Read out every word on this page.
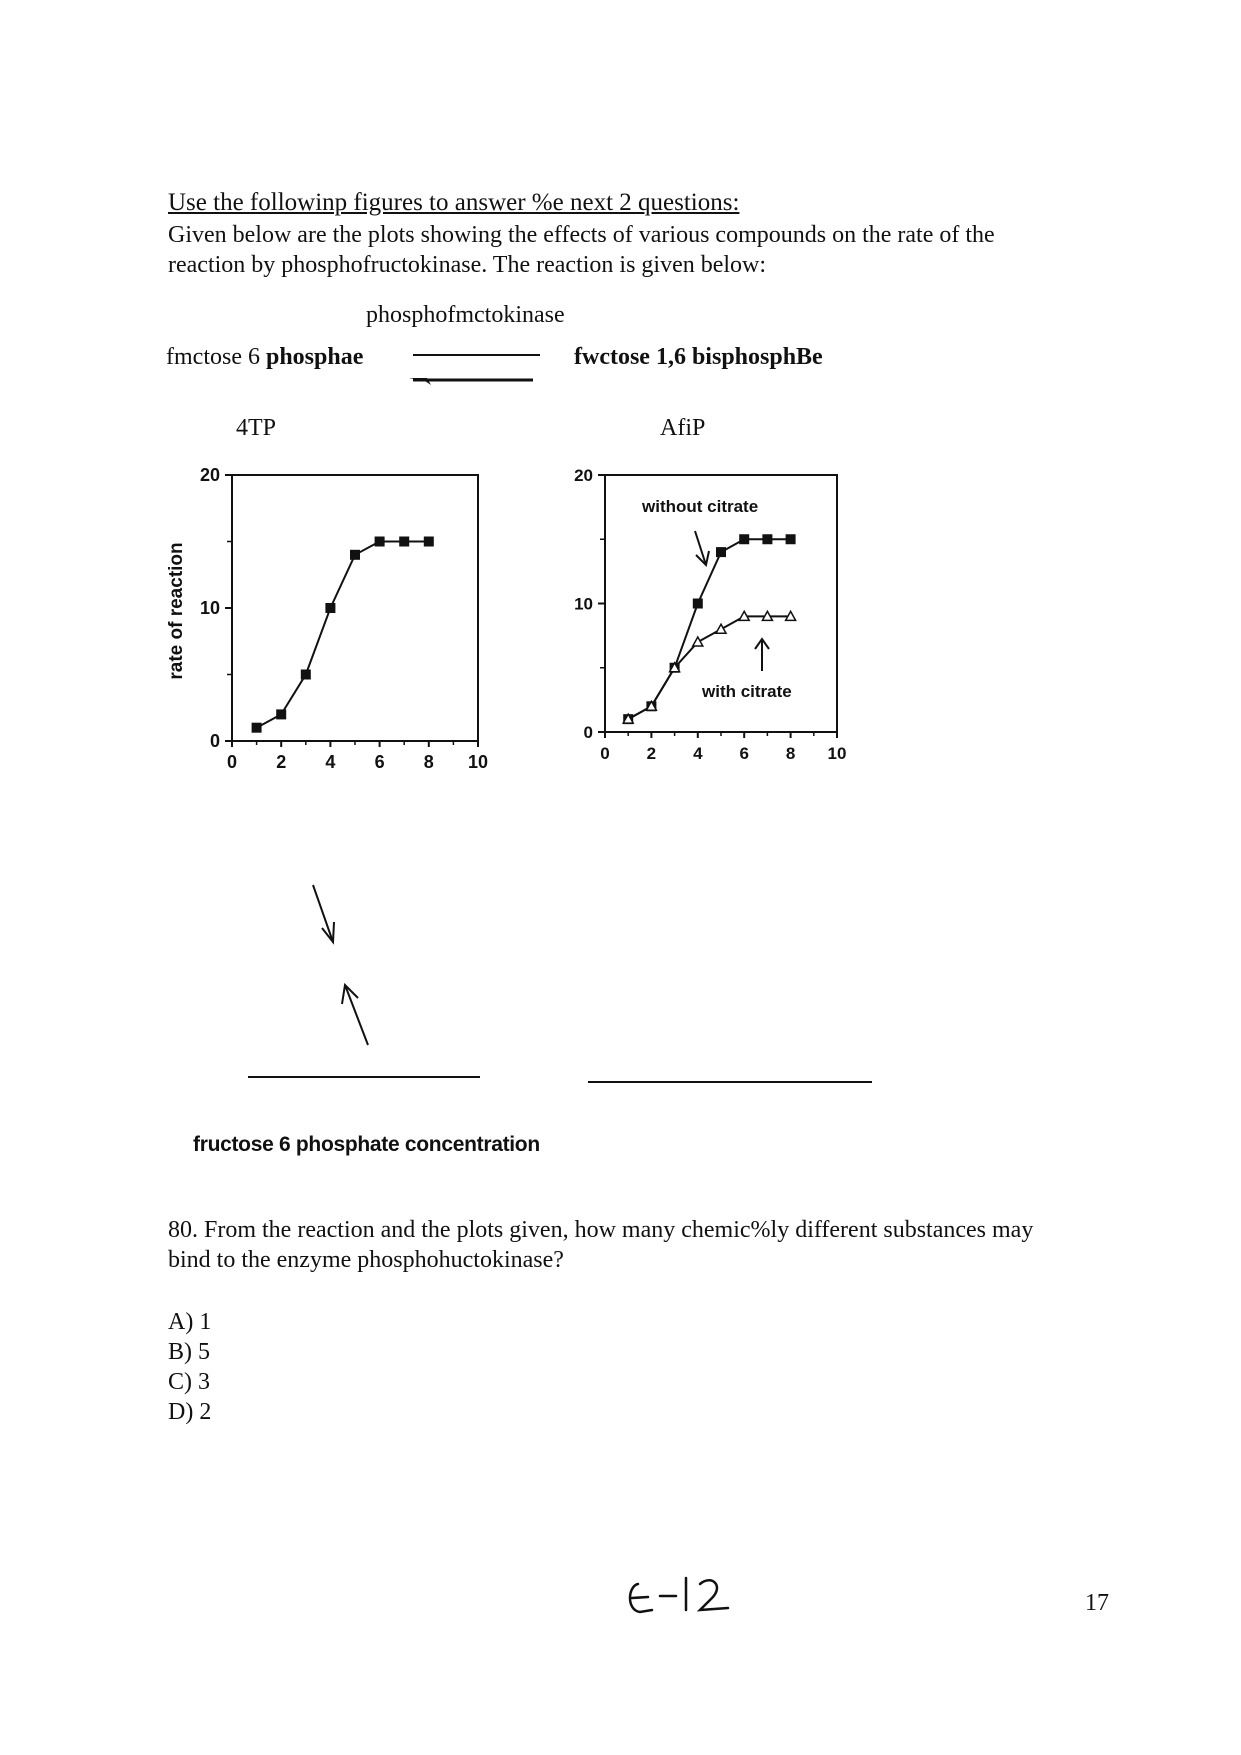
Use the followinp figures to answer %e next 2 questions:
Given below are the plots showing the effects of various compounds on the rate of the
reaction by phosphofructokinase. The reaction is given below:
phosphofmctokinase
fmctose 6 phosphae	fwctose 1,6 bisphosphBe
4TP	AfiP
0 2 4 6 8 10
0
10
20
rate of reaction
0 2 4 6 8 10
0
10
20
without citrate
with citrate
fructose 6 phosphate concentration
80. From the reaction and the plots given, how many chemic%ly different substances may
bind to the enzyme phosphohuctokinase?
A) 1
B) 5
C) 3
D) 2
17
